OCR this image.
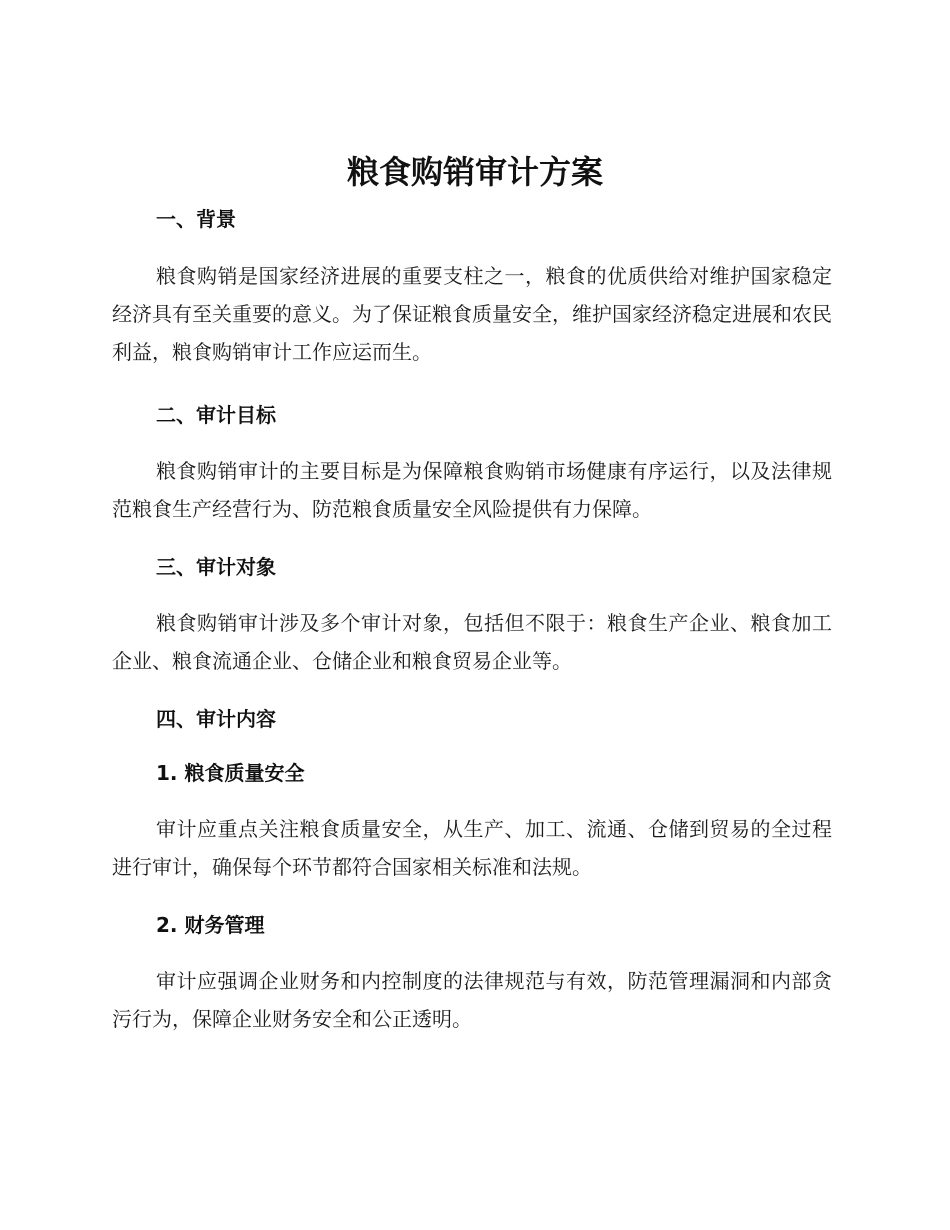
粮食购销审计方案
一、背景

粮食购销是国家经济进展的重要支柱之一，粮食的优质供给对维护国家稳定经济具有至关重要的意义。为了保证粮食质量安全，维护国家经济稳定进展和农民利益，粮食购销审计工作应运而生。

二、审计目标

粮食购销审计的主要目标是为保障粮食购销市场健康有序运行，以及法律规范粮食生产经营行为、防范粮食质量安全风险提供有力保障。

三、审计对象

粮食购销审计涉及多个审计对象，包括但不限于：粮食生产企业、粮食加工企业、粮食流通企业、仓储企业和粮食贸易企业等。

四、审计内容
1. 粮食质量安全

审计应重点关注粮食质量安全，从生产、加工、流通、仓储到贸易的全过程进行审计，确保每个环节都符合国家相关标准和法规。

2. 财务管理

审计应强调企业财务和内控制度的法律规范与有效，防范管理漏洞和内部贪污行为，保障企业财务安全和公正透明。
